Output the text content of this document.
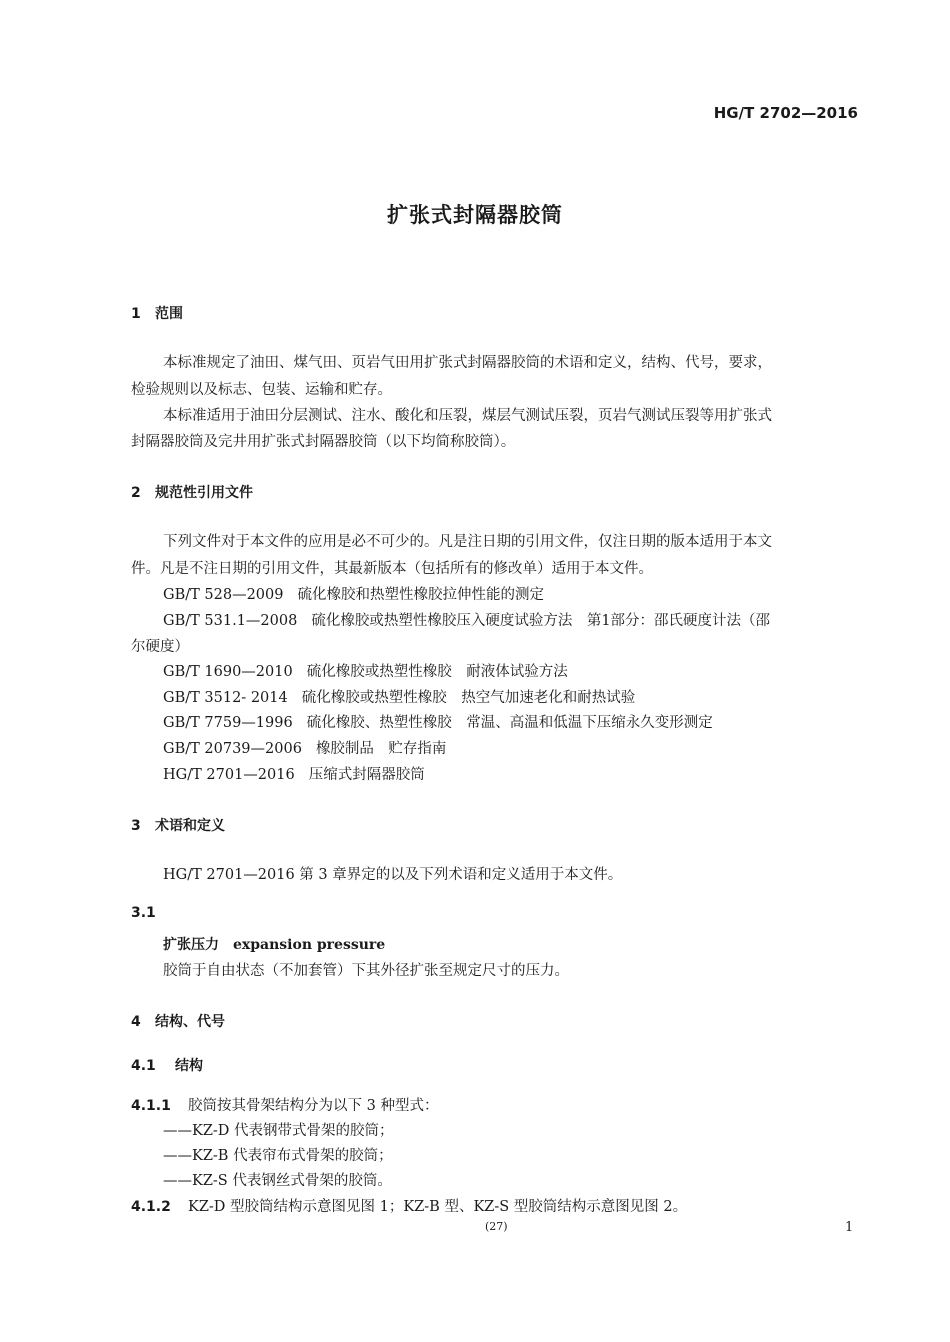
HG/T 2702—2016
扩张式封隔器胶筒
1 范围
本标准规定了油田、煤气田、页岩气田用扩张式封隔器胶筒的术语和定义，结构、代号，要求，
检验规则以及标志、包装、运输和贮存。
本标准适用于油田分层测试、注水、酸化和压裂，煤层气测试压裂，页岩气测试压裂等用扩张式
封隔器胶筒及完井用扩张式封隔器胶筒（以下均简称胶筒）。
2 规范性引用文件
下列文件对于本文件的应用是必不可少的。凡是注日期的引用文件，仅注日期的版本适用于本文
件。凡是不注日期的引用文件，其最新版本（包括所有的修改单）适用于本文件。
GB/T 528—2009 硫化橡胶和热塑性橡胶拉伸性能的测定
GB/T 531.1—2008 硫化橡胶或热塑性橡胶压入硬度试验方法　第1部分：邵氏硬度计法（邵
尔硬度）
GB/T 1690—2010 硫化橡胶或热塑性橡胶　耐液体试验方法
GB/T 3512- 2014 硫化橡胶或热塑性橡胶　热空气加速老化和耐热试验
GB/T 7759—1996 硫化橡胶、热塑性橡胶　常温、高温和低温下压缩永久变形测定
GB/T 20739—2006 橡胶制品　贮存指南
HG/T 2701—2016 压缩式封隔器胶筒
3 术语和定义
HG/T 2701—2016 第 3 章界定的以及下列术语和定义适用于本文件。
3.1
扩张压力 expansion pressure
胶筒于自由状态（不加套管）下其外径扩张至规定尺寸的压力。
4 结构、代号
4.1 结构
4.1.1 胶筒按其骨架结构分为以下 3 种型式：
——KZ-D 代表钢带式骨架的胶筒；
——KZ-B 代表帘布式骨架的胶筒；
——KZ-S 代表钢丝式骨架的胶筒。
4.1.2 KZ-D 型胶筒结构示意图见图 1；KZ-B 型、KZ-S 型胶筒结构示意图见图 2。
(27)	1
